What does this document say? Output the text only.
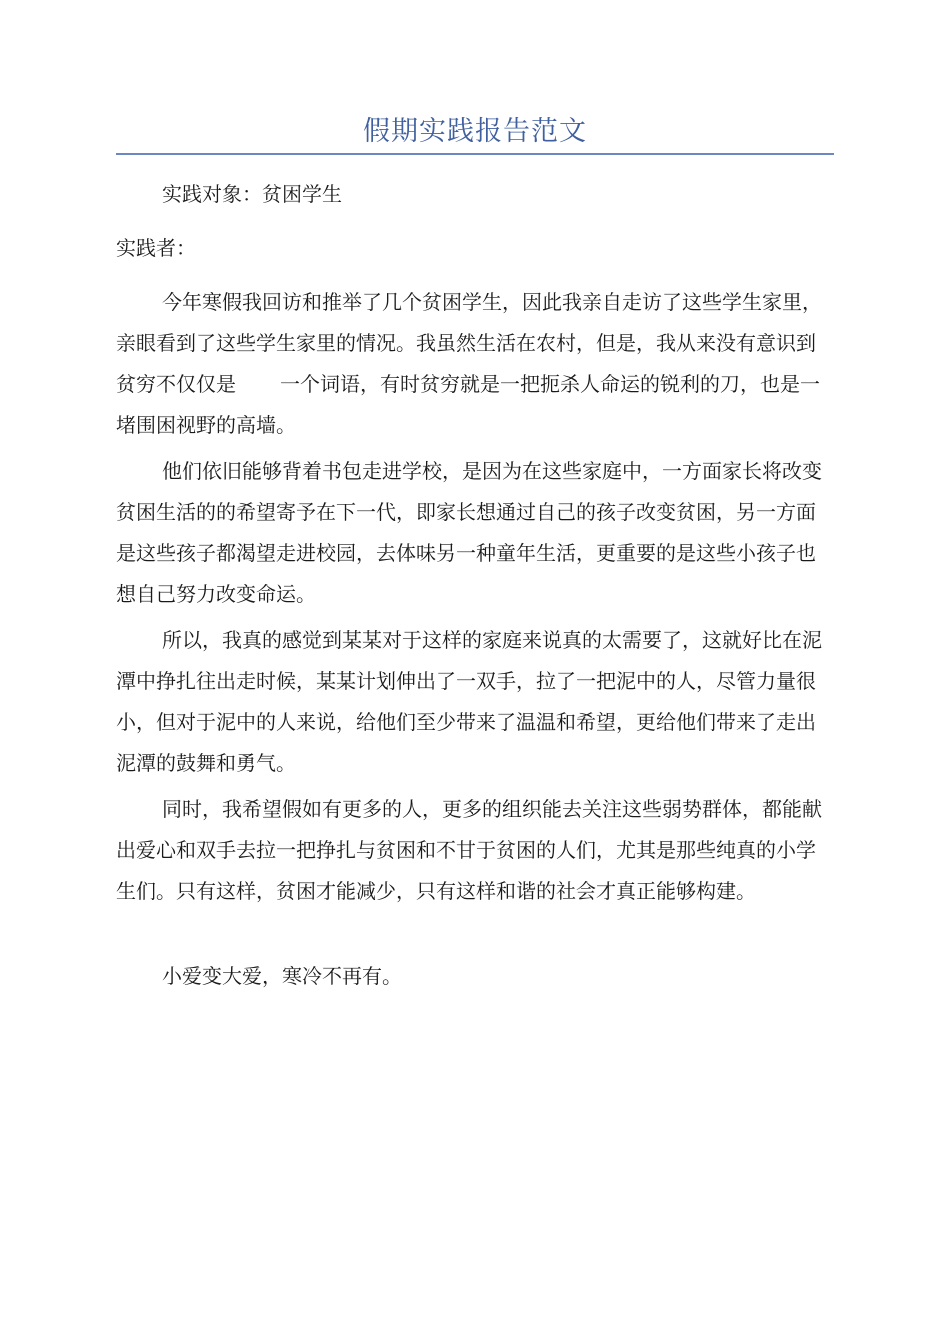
假期实践报告范文

实践对象：贫困学生

实践者：

今年寒假我回访和推举了几个贫困学生，因此我亲自走访了这些学生家里，亲眼看到了这些学生家里的情况。我虽然生活在农村，但是，我从来没有意识到贫穷不仅仅是 一个词语，有时贫穷就是一把扼杀人命运的锐利的刀，也是一堵围困视野的高墙。

他们依旧能够背着书包走进学校，是因为在这些家庭中，一方面家长将改变贫困生活的的希望寄予在下一代，即家长想通过自己的孩子改变贫困，另一方面是这些孩子都渴望走进校园，去体味另一种童年生活，更重要的是这些小孩子也想自己努力改变命运。

所以，我真的感觉到某某对于这样的家庭来说真的太需要了，这就好比在泥潭中挣扎往出走时候，某某计划伸出了一双手，拉了一把泥中的人，尽管力量很小，但对于泥中的人来说，给他们至少带来了温温和希望，更给他们带来了走出泥潭的鼓舞和勇气。

同时，我希望假如有更多的人，更多的组织能去关注这些弱势群体，都能献出爱心和双手去拉一把挣扎与贫困和不甘于贫困的人们，尤其是那些纯真的小学生们。只有这样，贫困才能减少，只有这样和谐的社会才真正能够构建。

小爱变大爱，寒冷不再有。
